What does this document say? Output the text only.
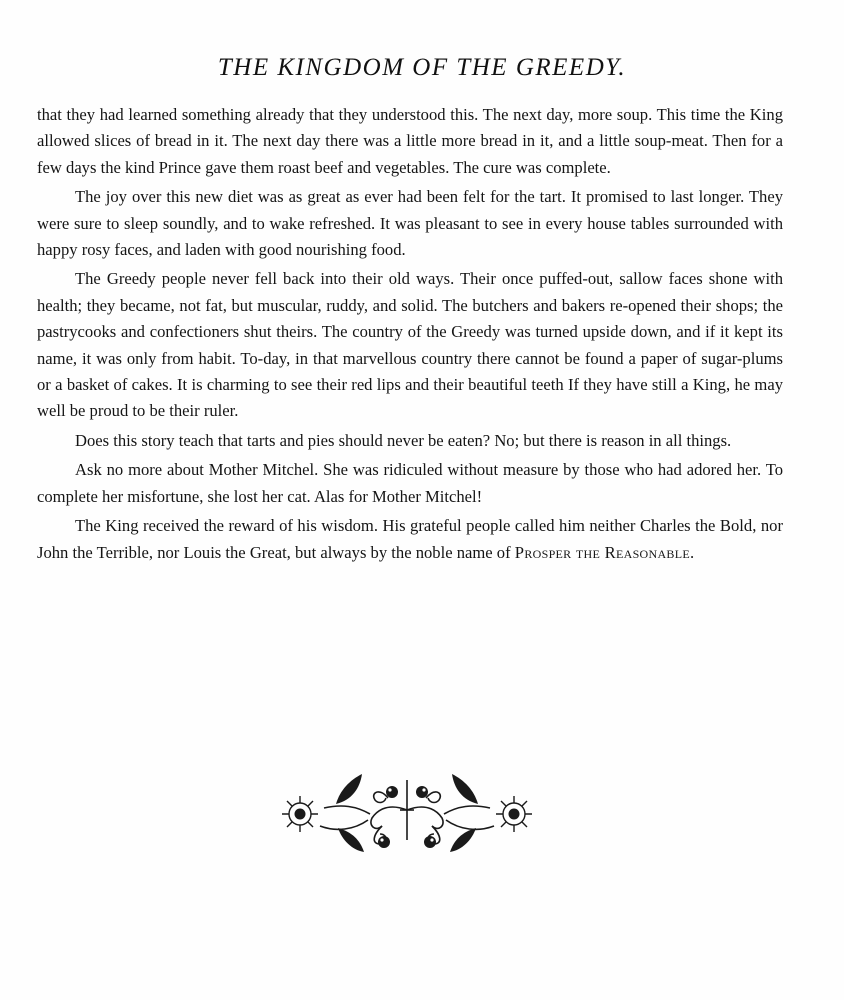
THE KINGDOM OF THE GREEDY.

that they had learned something already that they understood this. The next day, more soup. This time the King allowed slices of bread in it. The next day there was a little more bread in it, and a little soup-meat. Then for a few days the kind Prince gave them roast beef and vegetables. The cure was complete.

The joy over this new diet was as great as ever had been felt for the tart. It promised to last longer. They were sure to sleep soundly, and to wake refreshed. It was pleasant to see in every house tables surrounded with happy rosy faces, and laden with good nourishing food.

The Greedy people never fell back into their old ways. Their once puffed-out, sallow faces shone with health; they became, not fat, but muscular, ruddy, and solid. The butchers and bakers re-opened their shops; the pastrycooks and confectioners shut theirs. The country of the Greedy was turned upside down, and if it kept its name, it was only from habit. To-day, in that marvellous country there cannot be found a paper of sugar-plums or a basket of cakes. It is charming to see their red lips and their beautiful teeth If they have still a King, he may well be proud to be their ruler.

Does this story teach that tarts and pies should never be eaten? No; but there is reason in all things.

Ask no more about Mother Mitchel. She was ridiculed without measure by those who had adored her. To complete her misfortune, she lost her cat. Alas for Mother Mitchel!

The King received the reward of his wisdom. His grateful people called him neither Charles the Bold, nor John the Terrible, nor Louis the Great, but always by the noble name of Prosper the Reasonable.
